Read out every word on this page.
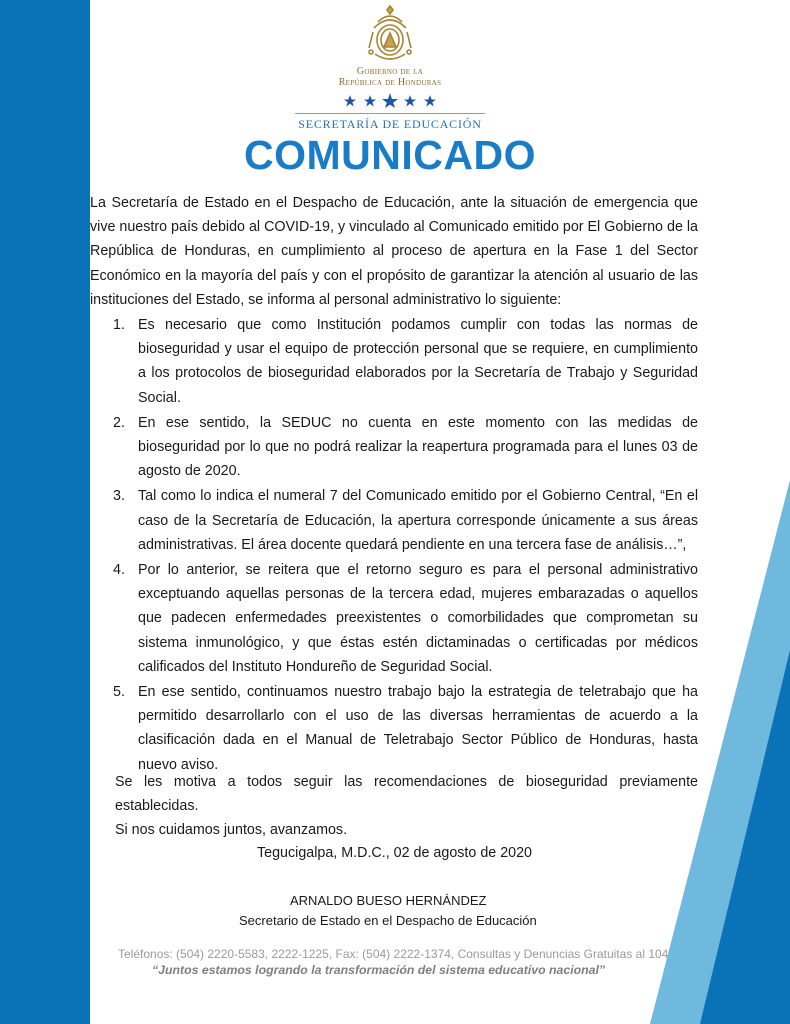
Gobierno de la
República de Honduras
SECRETARÍA DE EDUCACIÓN
COMUNICADO

La Secretaría de Estado en el Despacho de Educación, ante la situación de emergencia que vive nuestro país debido al COVID-19, y vinculado al Comunicado emitido por El Gobierno de la República de Honduras, en cumplimiento al proceso de apertura en la Fase 1 del Sector Económico en la mayoría del país y con el propósito de garantizar la atención al usuario de las instituciones del Estado, se informa al personal administrativo lo siguiente:

1. Es necesario que como Institución podamos cumplir con todas las normas de bioseguridad y usar el equipo de protección personal que se requiere, en cumplimiento a los protocolos de bioseguridad elaborados por la Secretaría de Trabajo y Seguridad Social.
2. En ese sentido, la SEDUC no cuenta en este momento con las medidas de bioseguridad por lo que no podrá realizar la reapertura programada para el lunes 03 de agosto de 2020.
3. Tal como lo indica el numeral 7 del Comunicado emitido por el Gobierno Central, “En el caso de la Secretaría de Educación, la apertura corresponde únicamente a sus áreas administrativas. El área docente quedará pendiente en una tercera fase de análisis…”,
4. Por lo anterior, se reitera que el retorno seguro es para el personal administrativo exceptuando aquellas personas de la tercera edad, mujeres embarazadas o aquellos que padecen enfermedades preexistentes o comorbilidades que comprometan su sistema inmunológico, y que éstas estén dictaminadas o certificadas por médicos calificados del Instituto Hondureño de Seguridad Social.
5. En ese sentido, continuamos nuestro trabajo bajo la estrategia de teletrabajo que ha permitido desarrollarlo con el uso de las diversas herramientas de acuerdo a la clasificación dada en el Manual de Teletrabajo Sector Público de Honduras, hasta nuevo aviso.

Se les motiva a todos seguir las recomendaciones de bioseguridad previamente establecidas.

Si nos cuidamos juntos, avanzamos.

Tegucigalpa, M.D.C., 02 de agosto de 2020
ARNALDO BUESO HERNÁNDEZ
Secretario de Estado en el Despacho de Educación
Teléfonos: (504) 2220-5583, 2222-1225, Fax: (504) 2222-1374, Consultas y Denuncias Gratuitas al 104
“Juntos estamos logrando la transformación del sistema educativo nacional”
